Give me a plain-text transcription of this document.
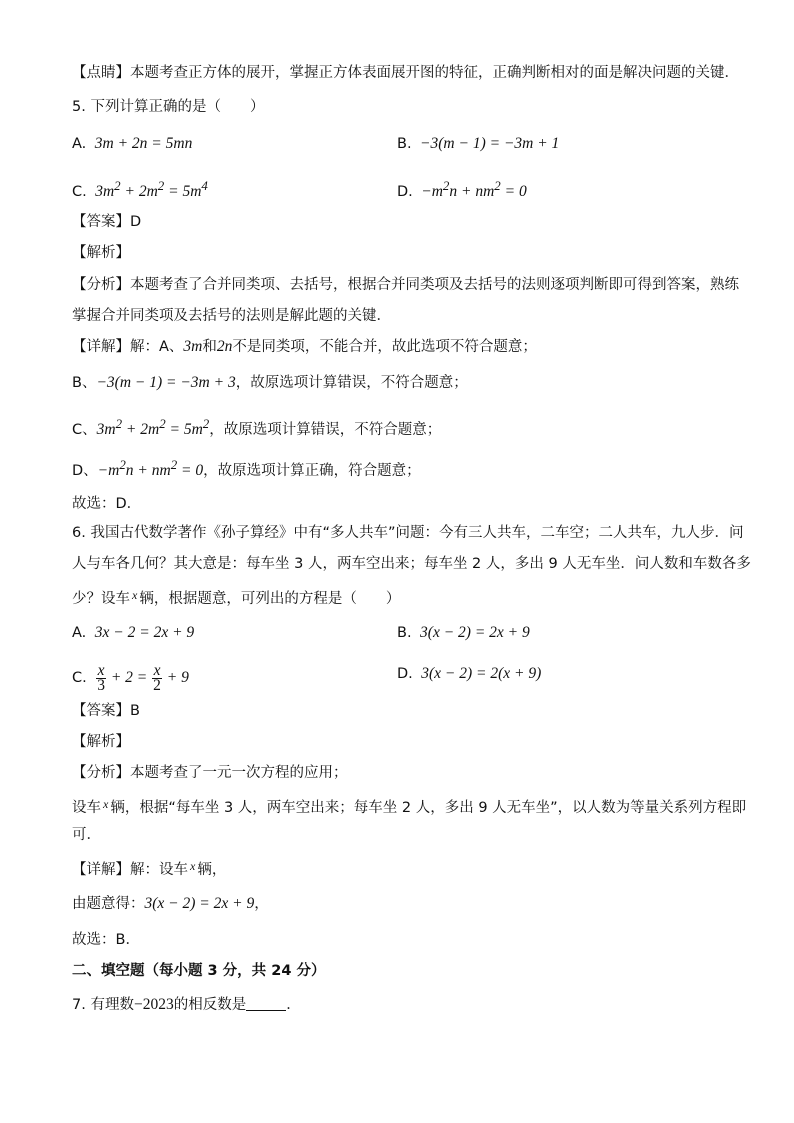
【点睛】本题考查正方体的展开，掌握正方体表面展开图的特征，正确判断相对的面是解决问题的关键．
5. 下列计算正确的是（　　）
A.  3m + 2n = 5mn	B.  −3(m − 1) = −3m + 1
C.  $3m^2 + 2m^2 = 5m^4$	D.  $-m^2n + nm^2 = 0$
【答案】D
【解析】
【分析】本题考查了合并同类项、去括号，根据合并同类项及去括号的法则逐项判断即可得到答案，熟练
掌握合并同类项及去括号的法则是解此题的关键．
【详解】解：A、3m和2n不是同类项，不能合并，故此选项不符合题意；
B、−3(m − 1) = −3m + 3，故原选项计算错误，不符合题意；
C、$3m^2 + 2m^2 = 5m^2$，故原选项计算错误，不符合题意；
D、$-m^2n + nm^2 = 0$，故原选项计算正确，符合题意；
故选：D．
6. 我国古代数学著作《孙子算经》中有“多人共车”问题：今有三人共车，二车空；二人共车，九人步．问
人与车各几何？其大意是：每车坐 3 人，两车空出来；每车坐 2 人，多出 9 人无车坐．问人数和车数各多
少？设车 $^x$ 辆，根据题意，可列出的方程是（　　）
A.  3x − 2 = 2x + 9	B.  3(x − 2) = 2x + 9
C. $\frac{x}{3} + 2 = \frac{x}{2} + 9$	D.  3(x − 2) = 2(x + 9)
【答案】B
【解析】
【分析】本题考查了一元一次方程的应用；
设车 $^x$ 辆，根据“每车坐 3 人，两车空出来；每车坐 2 人，多出 9 人无车坐”，以人数为等量关系列方程即
可．
【详解】解：设车 $^x$ 辆，
由题意得：3(x − 2) = 2x + 9，
故选：B．
二、填空题（每小题 3 分，共 24 分）
7. 有理数−2023的相反数是	．
